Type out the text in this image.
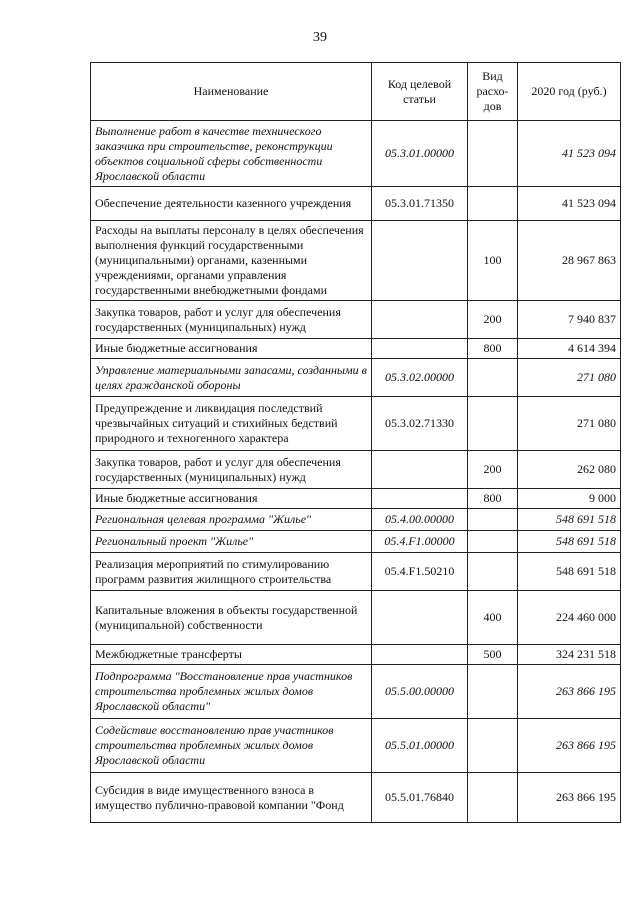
39
Наименование	Код целевой статьи	Вид расхо-дов	2020 год (руб.)
Выполнение работ в качестве технического заказчика при строительстве, реконструкции объектов социальной сферы собственности Ярославской области	05.3.01.00000		41 523 094
Обеспечение деятельности казенного учреждения	05.3.01.71350		41 523 094
Расходы на выплаты персоналу в целях обеспечения выполнения функций государственными (муниципальными) органами, казенными учреждениями, органами управления государственными внебюджетными фондами		100	28 967 863
Закупка товаров, работ и услуг для обеспечения государственных (муниципальных) нужд		200	7 940 837
Иные бюджетные ассигнования		800	4 614 394
Управление материальными запасами, созданными в целях гражданской обороны	05.3.02.00000		271 080
Предупреждение и ликвидация последствий чрезвычайных ситуаций и стихийных бедствий природного и техногенного характера	05.3.02.71330		271 080
Закупка товаров, работ и услуг для обеспечения государственных (муниципальных) нужд		200	262 080
Иные бюджетные ассигнования		800	9 000
Региональная целевая программа "Жилье"	05.4.00.00000		548 691 518
Региональный проект "Жилье"	05.4.F1.00000		548 691 518
Реализация мероприятий по стимулированию программ развития жилищного строительства	05.4.F1.50210		548 691 518
Капитальные вложения в объекты государственной (муниципальной) собственности		400	224 460 000
Межбюджетные трансферты		500	324 231 518
Подпрограмма "Восстановление прав участников строительства проблемных жилых домов Ярославской области"	05.5.00.00000		263 866 195
Содействие восстановлению прав участников строительства проблемных жилых домов Ярославской области	05.5.01.00000		263 866 195
Субсидия в виде имущественного взноса в имущество публично-правовой компании "Фонд	05.5.01.76840		263 866 195
